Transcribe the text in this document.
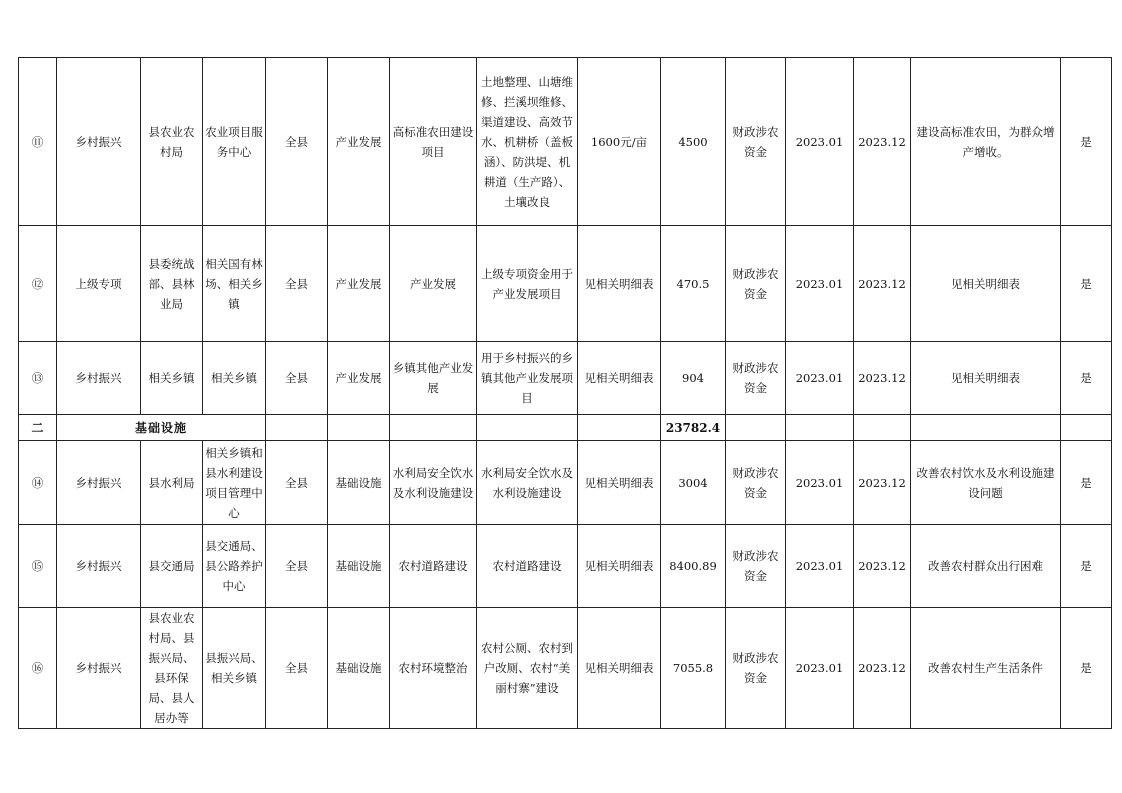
⑪	乡村振兴	县农业农村局	农业项目服务中心	全县	产业发展	高标准农田建设项目	土地整理、山塘维修、拦溪坝维修、渠道建设、高效节水、机耕桥（盖板涵）、防洪堤、机耕道（生产路）、土壤改良	1600元/亩	4500	财政涉农资金	2023.01	2023.12	建设高标准农田，为群众增产增收。	是
⑫	上级专项	县委统战部、县林业局	相关国有林场、相关乡镇	全县	产业发展	产业发展	上级专项资金用于产业发展项目	见相关明细表	470.5	财政涉农资金	2023.01	2023.12	见相关明细表	是
⑬	乡村振兴	相关乡镇	相关乡镇	全县	产业发展	乡镇其他产业发展	用于乡村振兴的乡镇其他产业发展项目	见相关明细表	904	财政涉农资金	2023.01	2023.12	见相关明细表	是
二	基础设施								23782.4					
⑭	乡村振兴	县水利局	相关乡镇和县水利建设项目管理中心	全县	基础设施	水利局安全饮水及水利设施建设	水利局安全饮水及水利设施建设	见相关明细表	3004	财政涉农资金	2023.01	2023.12	改善农村饮水及水利设施建设问题	是
⑮	乡村振兴	县交通局	县交通局、县公路养护中心	全县	基础设施	农村道路建设	农村道路建设	见相关明细表	8400.89	财政涉农资金	2023.01	2023.12	改善农村群众出行困难	是
⑯	乡村振兴	县农业农村局、县振兴局、县环保局、县人居办等	县振兴局、相关乡镇	全县	基础设施	农村环境整治	农村公厕、农村到户改厕、农村“美丽村寨”建设	见相关明细表	7055.8	财政涉农资金	2023.01	2023.12	改善农村生产生活条件	是
